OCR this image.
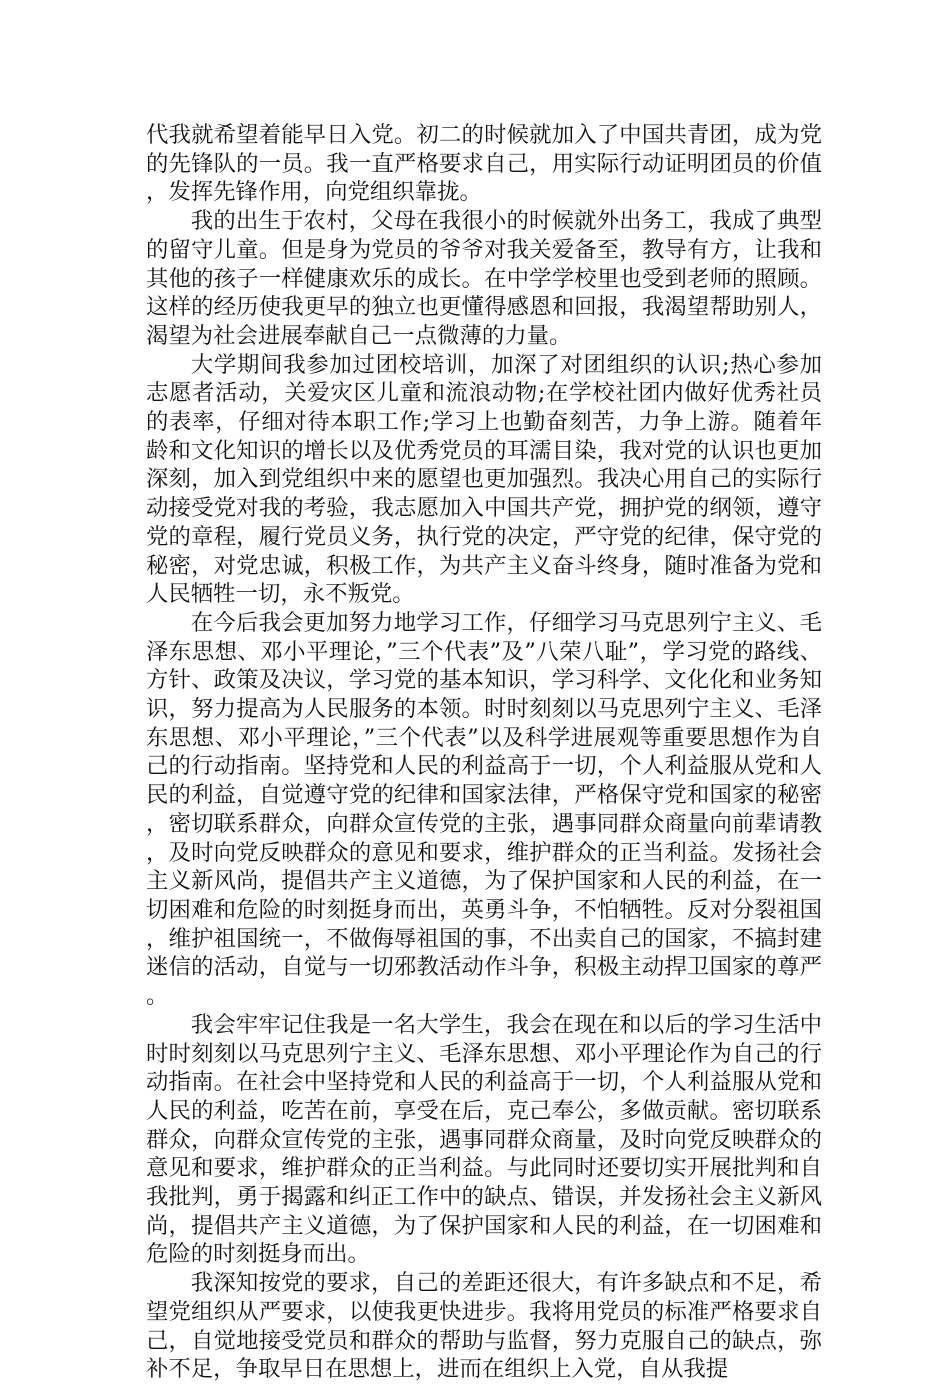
代我就希望着能早日入党。初二的时候就加入了中国共青团，成为党的先锋队的一员。我一直严格要求自己，用实际行动证明团员的价值，发挥先锋作用，向党组织靠拢。

我的出生于农村，父母在我很小的时候就外出务工，我成了典型的留守儿童。但是身为党员的爷爷对我关爱备至，教导有方，让我和其他的孩子一样健康欢乐的成长。在中学学校里也受到老师的照顾。这样的经历使我更早的独立也更懂得感恩和回报，我渴望帮助别人，渴望为社会进展奉献自己一点微薄的力量。

大学期间我参加过团校培训，加深了对团组织的认识;热心参加志愿者活动，关爱灾区儿童和流浪动物;在学校社团内做好优秀社员的表率，仔细对待本职工作;学习上也勤奋刻苦，力争上游。随着年龄和文化知识的增长以及优秀党员的耳濡目染，我对党的认识也更加深刻，加入到党组织中来的愿望也更加强烈。我决心用自己的实际行动接受党对我的考验，我志愿加入中国共产党，拥护党的纲领，遵守党的章程，履行党员义务，执行党的决定，严守党的纪律，保守党的秘密，对党忠诚，积极工作，为共产主义奋斗终身，随时准备为党和人民牺牲一切，永不叛党。

在今后我会更加努力地学习工作，仔细学习马克思列宁主义、毛泽东思想、邓小平理论，”三个代表”及”八荣八耻”，学习党的路线、方针、政策及决议，学习党的基本知识，学习科学、文化化和业务知识，努力提高为人民服务的本领。时时刻刻以马克思列宁主义、毛泽东思想、邓小平理论，”三个代表”以及科学进展观等重要思想作为自己的行动指南。坚持党和人民的利益高于一切，个人利益服从党和人民的利益，自觉遵守党的纪律和国家法律，严格保守党和国家的秘密，密切联系群众，向群众宣传党的主张，遇事同群众商量向前辈请教，及时向党反映群众的意见和要求，维护群众的正当利益。发扬社会主义新风尚，提倡共产主义道德，为了保护国家和人民的利益，在一切困难和危险的时刻挺身而出，英勇斗争，不怕牺牲。反对分裂祖国，维护祖国统一，不做侮辱祖国的事，不出卖自己的国家，不搞封建迷信的活动，自觉与一切邪教活动作斗争，积极主动捍卫国家的尊严。

我会牢牢记住我是一名大学生，我会在现在和以后的学习生活中时时刻刻以马克思列宁主义、毛泽东思想、邓小平理论作为自己的行动指南。在社会中坚持党和人民的利益高于一切，个人利益服从党和人民的利益，吃苦在前，享受在后，克己奉公，多做贡献。密切联系群众，向群众宣传党的主张，遇事同群众商量，及时向党反映群众的意见和要求，维护群众的正当利益。与此同时还要切实开展批判和自我批判，勇于揭露和纠正工作中的缺点、错误，并发扬社会主义新风尚，提倡共产主义道德，为了保护国家和人民的利益，在一切困难和危险的时刻挺身而出。

我深知按党的要求，自己的差距还很大，有许多缺点和不足，希望党组织从严要求，以使我更快进步。我将用党员的标准严格要求自己，自觉地接受党员和群众的帮助与监督，努力克服自己的缺点，弥补不足，争取早日在思想上，进而在组织上入党，自从我提
